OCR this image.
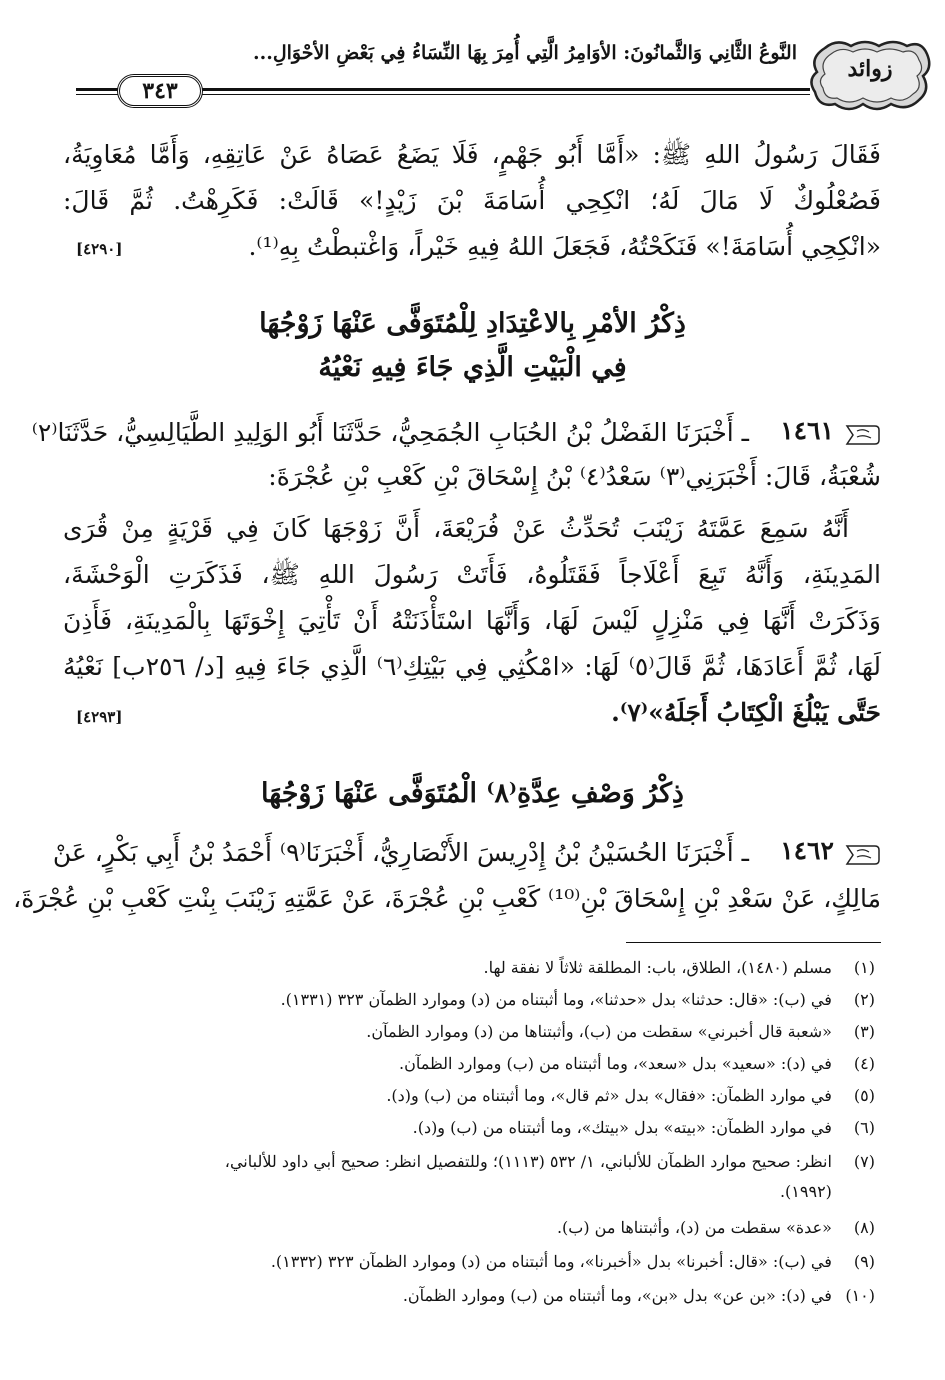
زوائد
النَّوعُ الثَّانِي وَالثَّمانُونَ: الأوَامِرُ الَّتِي أُمِرَ بِهَا النِّسَاءُ فِي بَعْضِ الأحْوَالِ...
٣٤٣
فَقَالَ رَسُولُ اللهِ ﷺ: «أَمَّا أَبُو جَهْمٍ، فَلَا يَضَعُ عَصَاهُ عَنْ عَاتِقِهِ، وَأَمَّا مُعَاوِيَةُ،
فَصُعْلُوكٌ لَا مَالَ لَهُ؛ انْكِحِي أُسَامَةَ بْنَ زَيْدٍ!» قَالَتْ: فَكَرِهْتُ. ثُمَّ قَالَ:
«انْكِحِي أُسَامَةَ!» فَنَكَحْتُهُ، فَجَعَلَ اللهُ فِيهِ خَيْراً، وَاغْتبطْتُ بِهِ⁽¹⁾.
[٤٢٩٠]
ذِكْرُ الأمْرِ بِالاعْتِدَادِ لِلْمُتَوَفَّى عَنْهَا زَوْجُهَا
فِي الْبَيْتِ الَّذِي جَاءَ فِيهِ نَعْيُهُ
١٤٦١
ـ أَخْبَرَنَا الفَضْلُ بْنُ الحُبَابِ الجُمَحِيُّ، حَدَّثَنَا أَبُو الوَلِيدِ الطَّيَالِسِيُّ، حَدَّثَنَا⁽٢⁾
شُعْبَةُ، قَالَ: أَخْبَرَنِي⁽٣⁾ سَعْدُ⁽٤⁾ بْنُ إِسْحَاقَ بْنِ كَعْبِ بْنِ عُجْرَةَ:
أَنَّهُ سَمِعَ عَمَّتَهُ زَيْنَبَ تُحَدِّثُ عَنْ فُرَيْعَةَ، أَنَّ زَوْجَهَا كَانَ فِي قَرْيَةٍ مِنْ قُرَى
المَدِينَةِ، وَأَنَّهُ تَبِعَ أَعْلَاجاً فَقَتَلُوهُ، فَأَتَتْ رَسُولَ اللهِ ﷺ، فَذَكَرَتِ الْوَحْشَةَ،
وَذَكَرَتْ أَنَّهَا فِي مَنْزِلٍ لَيْسَ لَهَا، وَأَنَّهَا اسْتَأْذَنَتْهُ أَنْ تَأْتِيَ إِخْوَتَهَا بِالْمَدِينَةِ، فَأَذِنَ
لَهَا، ثُمَّ أَعَادَهَا، ثُمَّ قَالَ⁽٥⁾ لَهَا: «امْكُثِي فِي بَيْتِكِ⁽٦⁾ الَّذِي جَاءَ فِيهِ [د/ ٢٥٦ب] نَعْيُهُ
حَتَّى يَبْلُغَ الْكِتَابُ أَجَلَهُ»⁽٧⁾.
[٤٢٩٣]
ذِكْرُ وَصْفِ عِدَّةِ⁽٨⁾ الْمُتَوَفَّى عَنْهَا زَوْجُهَا
١٤٦٢
ـ أَخْبَرَنَا الحُسَيْنُ بْنُ إِدْرِيسَ الأَنْصَارِيُّ، أَخْبَرَنَا⁽٩⁾ أَحْمَدُ بْنُ أَبِي بَكْرٍ، عَنْ
مَالِكٍ، عَنْ سَعْدِ بْنِ إِسْحَاقَ بْنِ⁽¹⁰⁾ كَعْبِ بْنِ عُجْرَةَ، عَنْ عَمَّتِهِ زَيْنَبَ بِنْتِ كَعْبِ بْنِ عُجْرَةَ،
(١) مسلم (١٤٨٠)، الطلاق، باب: المطلقة ثلاثاً لا نفقة لها.
(٢) في (ب): «قال: حدثنا» بدل «حدثنا»، وما أثبتناه من (د) وموارد الظمآن ٣٢٣ (١٣٣١).
(٣) «شعبة قال أخبرني» سقطت من (ب)، وأثبتناها من (د) وموارد الظمآن.
(٤) في (د): «سعيد» بدل «سعد»، وما أثبتناه من (ب) وموارد الظمآن.
(٥) في موارد الظمآن: «فقال» بدل «ثم قال»، وما أثبتناه من (ب) و(د).
(٦) في موارد الظمآن: «بيته» بدل «بيتك»، وما أثبتناه من (ب) و(د).
(٧) انظر: صحيح موارد الظمآن للألباني، ١/ ٥٣٢ (١١١٣)؛ وللتفصيل انظر: صحيح أبي داود للألباني،
(١٩٩٢).
(٨) «عدة» سقطت من (د)، وأثبتناها من (ب).
(٩) في (ب): «قال: أخبرنا» بدل «أخبرنا»، وما أثبتناه من (د) وموارد الظمآن ٣٢٣ (١٣٣٢).
(١٠) في (د): «بن عن» بدل «بن»، وما أثبتناه من (ب) وموارد الظمآن.
